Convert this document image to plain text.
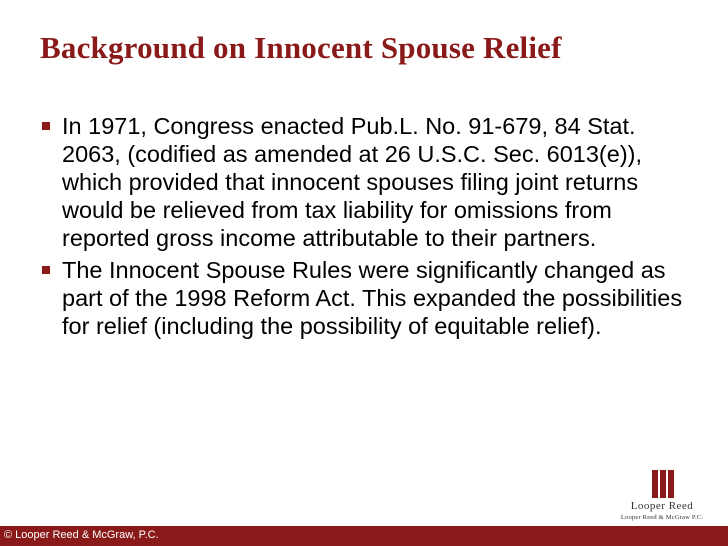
Background on Innocent Spouse Relief
In 1971, Congress enacted Pub.L. No. 91-679, 84 Stat. 2063, (codified as amended at 26 U.S.C. Sec. 6013(e)), which provided that innocent spouses filing joint returns would be relieved from tax liability for omissions from reported gross income attributable to their partners.
The Innocent Spouse Rules were significantly changed as part of the 1998 Reform Act. This expanded the possibilities for relief (including the possibility of equitable relief).
Looper Reed
Looper Reed & McGraw P.C.
© Looper Reed & McGraw, P.C.
